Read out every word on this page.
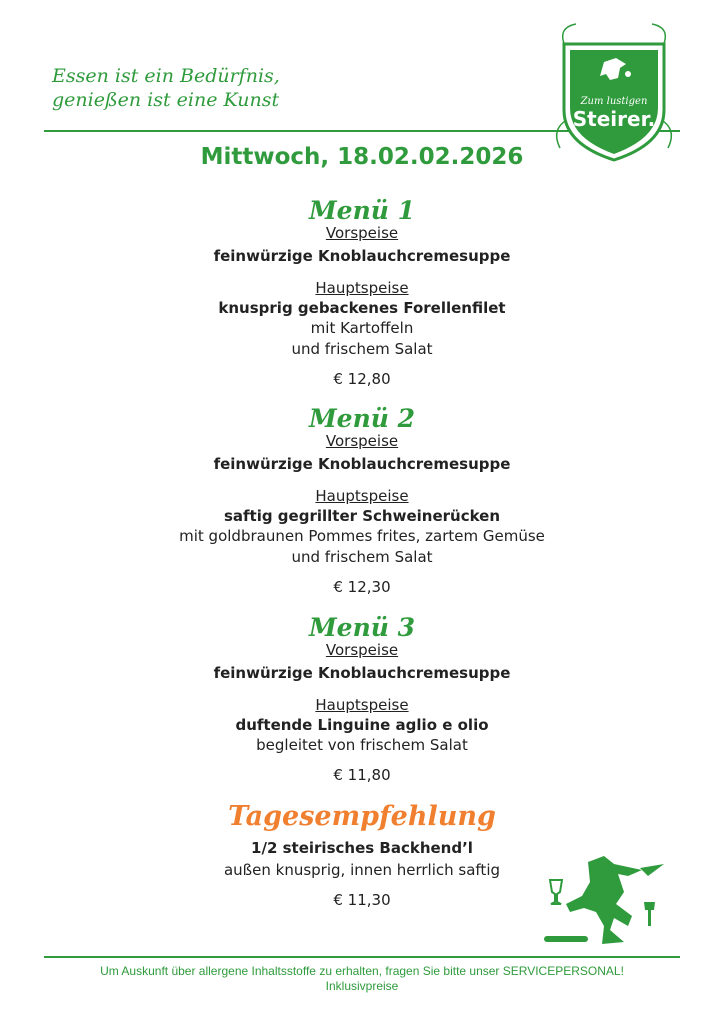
Essen ist ein Bedürfnis,
genießen ist eine Kunst	Zum lustigen
Steirer.
Mittwoch, 18.02.02.2026
Menü 1
Vorspeise
feinwürzige Knoblauchcremesuppe
Hauptspeise
knusprig gebackenes Forellenfilet
mit Kartoffeln
und frischem Salat
€ 12,80
Menü 2
Vorspeise
feinwürzige Knoblauchcremesuppe
Hauptspeise
saftig gegrillter Schweinerücken
mit goldbraunen Pommes frites, zartem Gemüse
und frischem Salat
€ 12,30
Menü 3
Vorspeise
feinwürzige Knoblauchcremesuppe
Hauptspeise
duftende Linguine aglio e olio
begleitet von frischem Salat
€ 11,80
Tagesempfehlung
1/2 steirisches Backhend’l
außen knusprig, innen herrlich saftig
€ 11,30
Um Auskunft über allergene Inhaltsstoffe zu erhalten, fragen Sie bitte unser SERVICEPERSONAL!
Inklusivpreise
